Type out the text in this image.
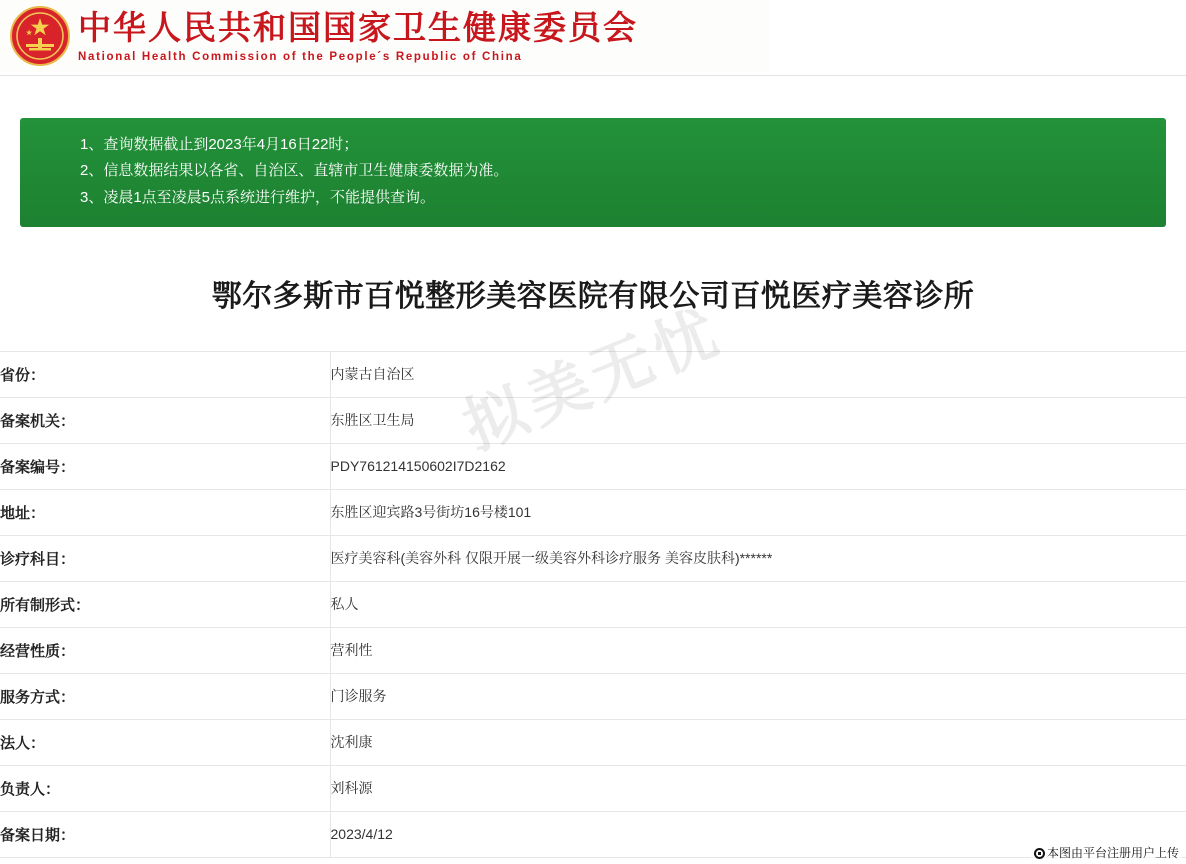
中华人民共和国国家卫生健康委员会
National Health Commission of the People´s Republic of China
1、查询数据截止到2023年4月16日22时；
2、信息数据结果以各省、自治区、直辖市卫生健康委数据为准。
3、凌晨1点至凌晨5点系统进行维护，不能提供查询。
鄂尔多斯市百悦整形美容医院有限公司百悦医疗美容诊所
省份：	内蒙古自治区
备案机关：	东胜区卫生局
备案编号：	PDY761214150602I7D2162
地址：	东胜区迎宾路3号街坊16号楼101
诊疗科目：	医疗美容科(美容外科 仅限开展一级美容外科诊疗服务 美容皮肤科)******
所有制形式：	私人
经营性质：	营利性
服务方式：	门诊服务
法人：	沈利康
负责人：	刘科源
备案日期：	2023/4/12
拟美无忧
本图由平台注册用户上传
